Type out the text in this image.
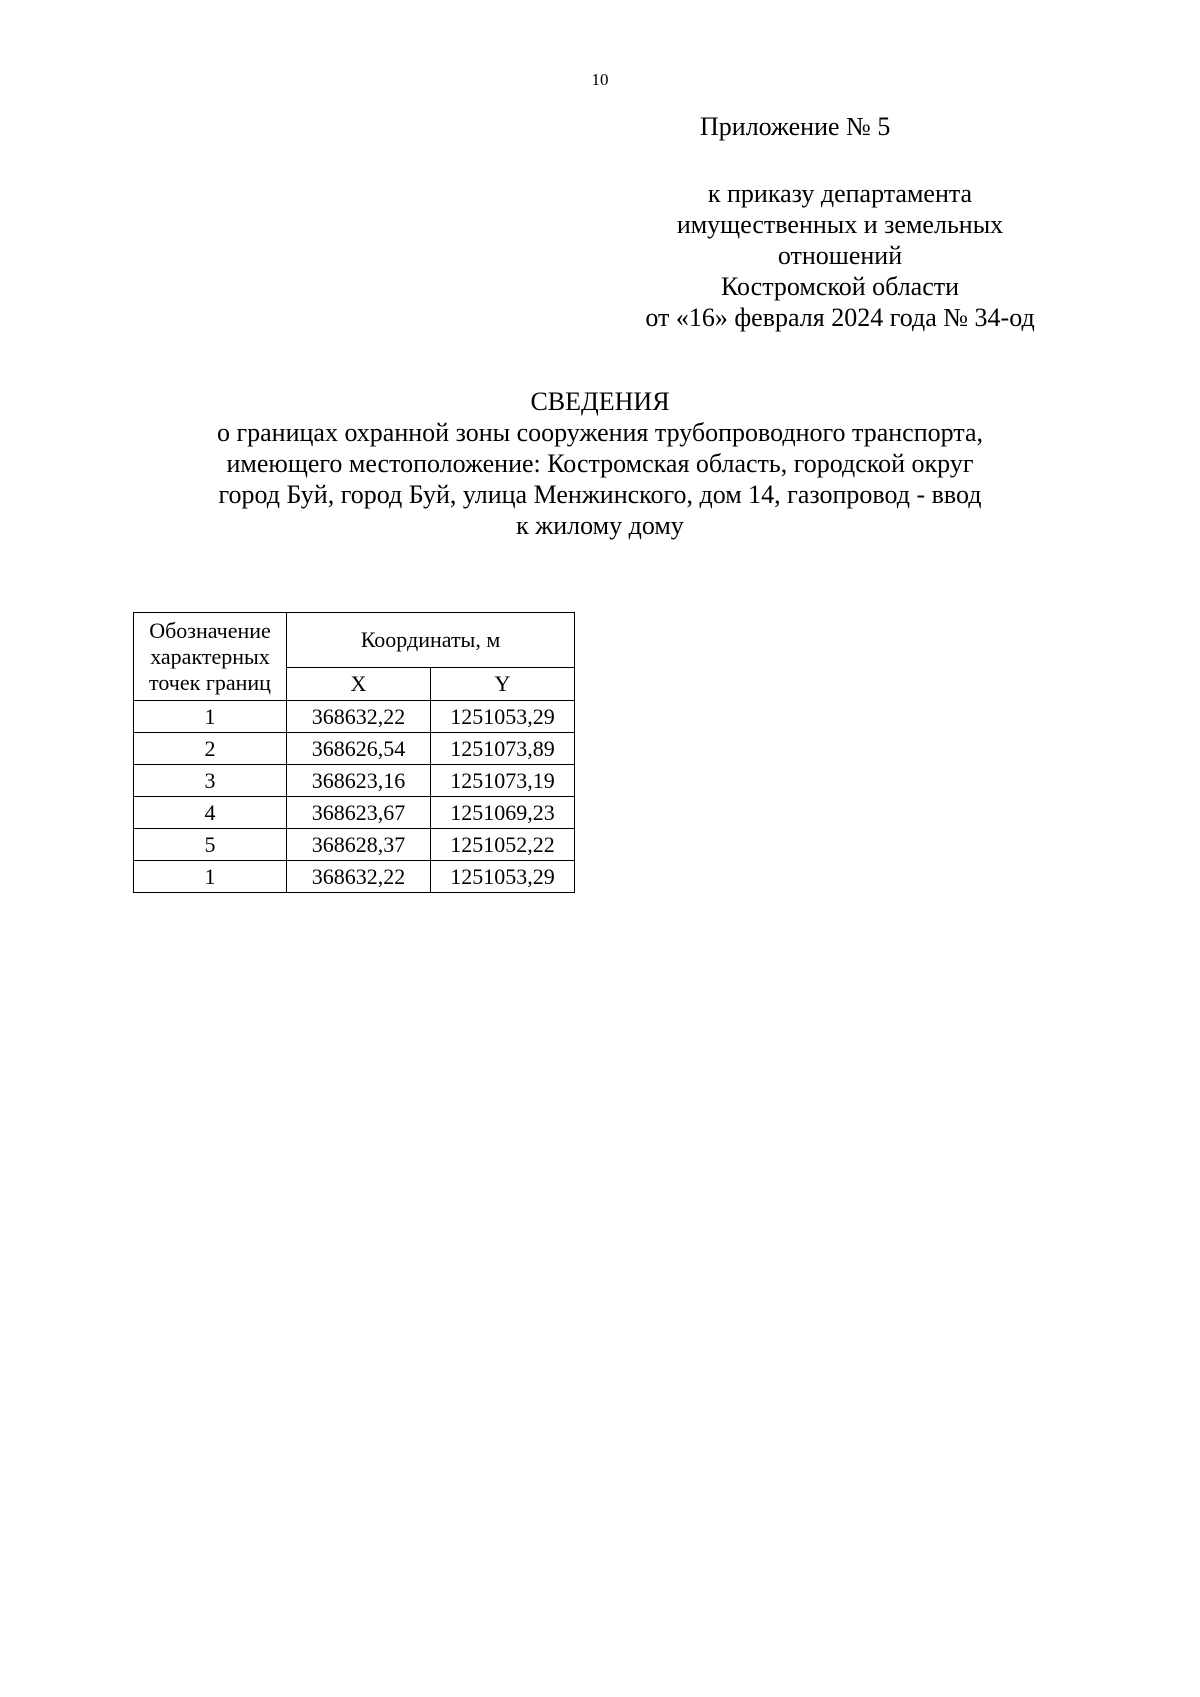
10
Приложение № 5
к приказу департамента
имущественных и земельных
отношений
Костромской области
от «16» февраля 2024 года № 34-од
СВЕДЕНИЯ
о границах охранной зоны сооружения трубопроводного транспорта,
имеющего местоположение: Костромская область, городской округ
город Буй, город Буй, улица Менжинского, дом 14, газопровод - ввод
к жилому дому
Обозначение
характерных
точек границ	Координаты, м	
	X	Y
1	368632,22	1251053,29
2	368626,54	1251073,89
3	368623,16	1251073,19
4	368623,67	1251069,23
5	368628,37	1251052,22
1	368632,22	1251053,29
